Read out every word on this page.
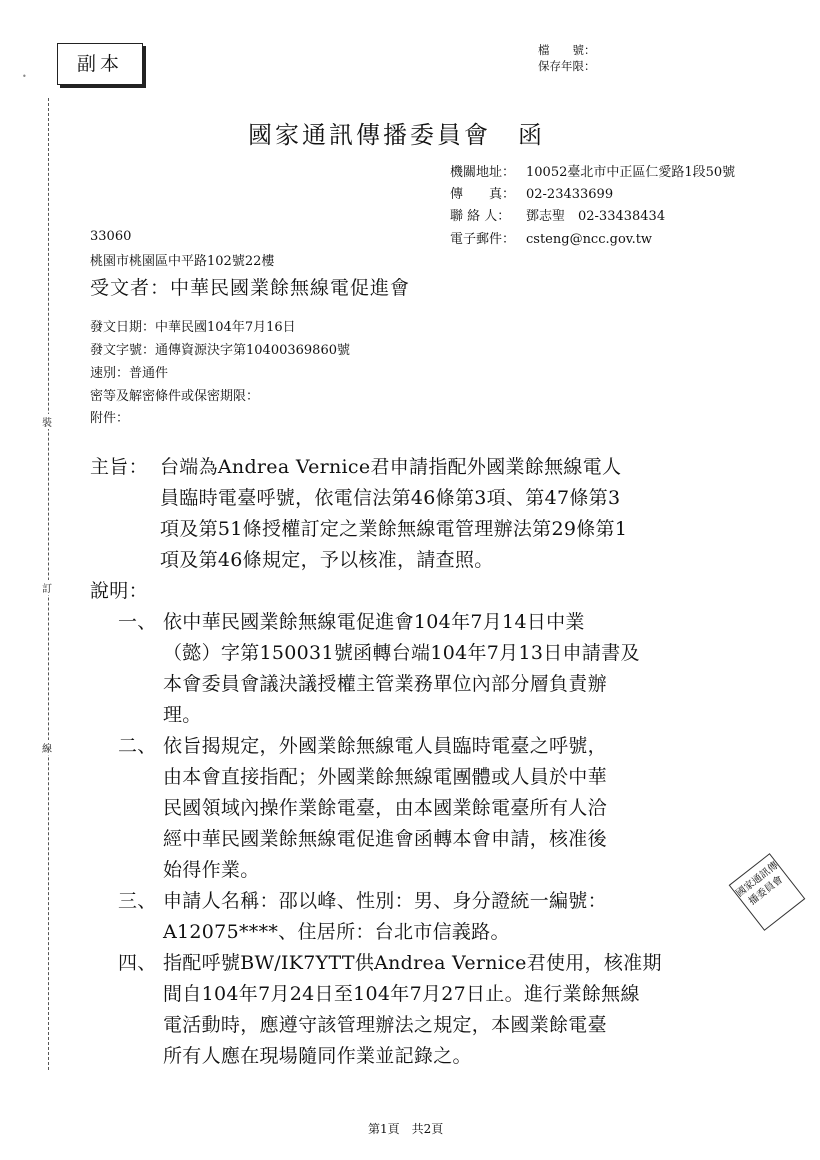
裝
訂
線
•
副本
檔　　號：
保存年限：
國家通訊傳播委員會　函
機關地址： 10052臺北市中正區仁愛路1段50號
傳　　真： 02-23433699
聯 絡 人： 鄧志聖　02-33438434
電子郵件： csteng@ncc.gov.tw
33060
桃園市桃園區中平路102號22樓
受文者：中華民國業餘無線電促進會
發文日期：中華民國104年7月16日
發文字號：通傳資源決字第10400369860號
速別：普通件
密等及解密條件或保密期限：
附件：
主旨： 台端為Andrea Vernice君申請指配外國業餘無線電人
員臨時電臺呼號，依電信法第46條第3項、第47條第3
項及第51條授權訂定之業餘無線電管理辦法第29條第1
項及第46條規定，予以核准，請查照。
說明：
一、 依中華民國業餘無線電促進會104年7月14日中業
（懿）字第150031號函轉台端104年7月13日申請書及
本會委員會議決議授權主管業務單位內部分層負責辦
理。
二、 依旨揭規定，外國業餘無線電人員臨時電臺之呼號，
由本會直接指配；外國業餘無線電團體或人員於中華
民國領域內操作業餘電臺，由本國業餘電臺所有人洽
經中華民國業餘無線電促進會函轉本會申請，核准後
始得作業。
三、 申請人名稱：邵以峰、性別：男、身分證統一編號：
A12075****、住居所：台北市信義路。
四、 指配呼號BW/IK7YTT供Andrea Vernice君使用，核准期
間自104年7月24日至104年7月27日止。進行業餘無線
電活動時，應遵守該管理辦法之規定，本國業餘電臺
所有人應在現場隨同作業並記錄之。
國家通訊傳播委員會
第1頁　共2頁
